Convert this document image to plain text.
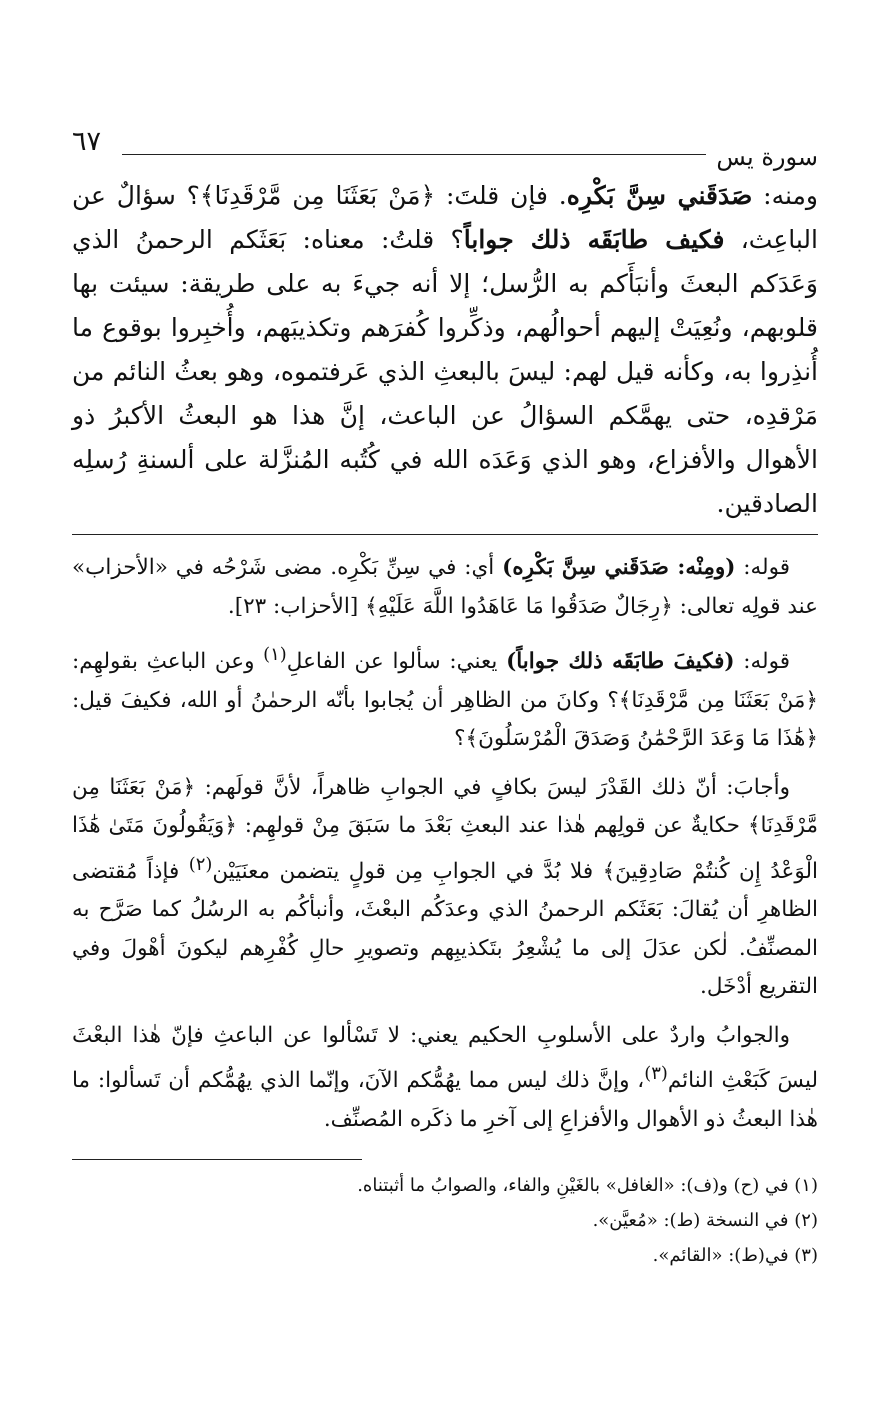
سورة يس
٦٧
ومنه: صَدَقَني سِنَّ بَكْرِه. فإن قلتَ: ﴿مَنْ بَعَثَنَا مِن مَّرْقَدِنَا﴾؟ سؤالٌ عن الباعِث، فكيف طابَقَه ذلك جواباً؟ قلتُ: معناه: بَعَثَكم الرحمنُ الذي وَعَدَكم البعثَ وأنبَأَكم به الرُّسل؛ إلا أنه جيءَ به على طريقة: سيئت بها قلوبهم، ونُعِيَتْ إليهم أحوالُهم، وذكِّروا كُفرَهم وتكذيبَهم، وأُخبِروا بوقوع ما أُنذِروا به، وكأنه قيل لهم: ليسَ بالبعثِ الذي عَرفتموه، وهو بعثُ النائم من مَرْقدِه، حتى يهمَّكم السؤالُ عن الباعث، إنَّ هذا هو البعثُ الأكبرُ ذو الأهوال والأفزاع، وهو الذي وَعَدَه الله في كُتُبه المُنزَّلة على ألسنةِ رُسلِه الصادقين.

قوله: (ومِنْه: صَدَقَني سِنَّ بَكْرِه) أي: في سِنِّ بَكْرِه. مضى شَرْحُه في «الأحزاب» عند قولِه تعالى: ﴿رِجَالٌ صَدَقُوا مَا عَاهَدُوا اللَّهَ عَلَيْهِ﴾ [الأحزاب: ٢٣].

قوله: (فكيفَ طابَقَه ذلك جواباً) يعني: سألوا عن الفاعلِ$^{(١)}$ وعن الباعثِ بقولهِم: ﴿مَنْ بَعَثَنَا مِن مَّرْقَدِنَا﴾؟ وكانَ من الظاهِر أن يُجابوا بأنّه الرحمٰنُ أو الله، فكيفَ قيل: ﴿هَٰذَا مَا وَعَدَ الرَّحْمَٰنُ وَصَدَقَ الْمُرْسَلُونَ﴾؟

وأجابَ: أنّ ذلك القَدْرَ ليسَ بكافٍ في الجوابِ ظاهراً، لأنَّ قولَهم: ﴿مَنْ بَعَثَنَا مِن مَّرْقَدِنَا﴾ حكايةٌ عن قولِهم هٰذا عند البعثِ بَعْدَ ما سَبَقَ مِنْ قولهِم: ﴿وَيَقُولُونَ مَتَىٰ هَٰذَا الْوَعْدُ إِن كُنتُمْ صَادِقِينَ﴾ فلا بُدَّ في الجوابِ مِن قولٍ يتضمن معنَيَيْن$^{(٢)}$ فإذاً مُقتضى الظاهرِ أن يُقالَ: بَعَثَكم الرحمنُ الذي وعدَكُم البعْثَ، وأنبأكُم به الرسُلُ كما صَرَّح به المصنِّفُ. لٰكن عدَلَ إلى ما يُشْعِرُ بتَكذيبِهم وتصويرِ حالِ كُفْرِهم ليكونَ أهْولَ وفي التقريع أدْخَل.

والجوابُ واردٌ على الأسلوبِ الحكيم يعني: لا تَسْألوا عن الباعثِ فإنّ هٰذا البعْثَ ليسَ كَبَعْثِ النائم$^{(٣)}$، وإنَّ ذلك ليس مما يهُمُّكم الآنَ، وإنّما الذي يهُمُّكم أن تَسألوا: ما هٰذا البعثُ ذو الأهوال والأفزاعِ إلى آخرِ ما ذكَره المُصنِّف.

(١) في (ح) و(ف): «الغافل» بالغَيْنِ والفاء، والصوابُ ما أثبتناه.
(٢) في النسخة (ط): «مُعيَّن».
(٣) في(ط): «القائم».
